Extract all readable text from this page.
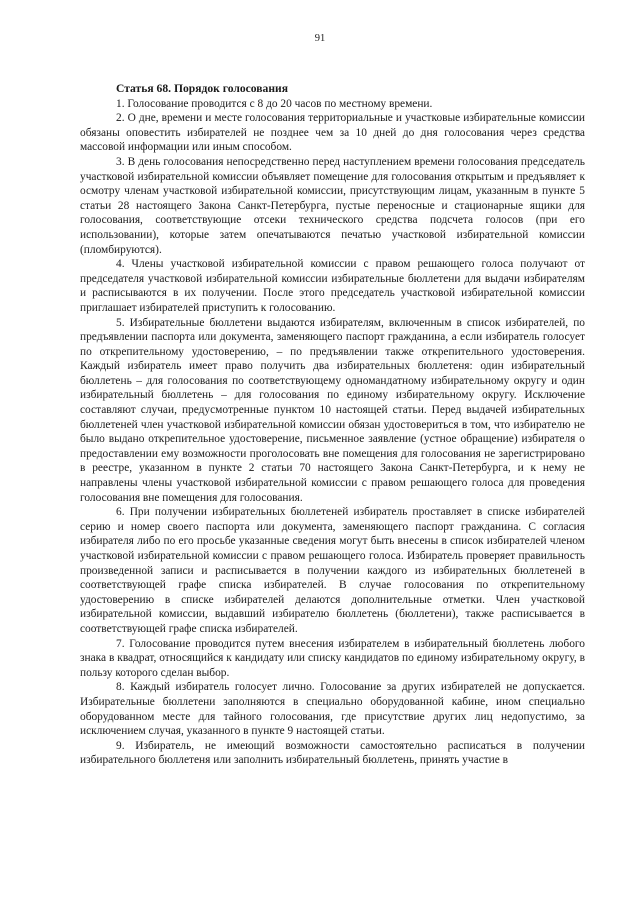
91

Статья 68. Порядок голосования

1. Голосование проводится с 8 до 20 часов по местному времени.

2. О дне, времени и месте голосования территориальные и участковые избирательные комиссии обязаны оповестить избирателей не позднее чем за 10 дней до дня голосования через средства массовой информации или иным способом.

3. В день голосования непосредственно перед наступлением времени голосования председатель участковой избирательной комиссии объявляет помещение для голосования открытым и предъявляет к осмотру членам участковой избирательной комиссии, присутствующим лицам, указанным в пункте 5 статьи 28 настоящего Закона Санкт-Петербурга, пустые переносные и стационарные ящики для голосования, соответствующие отсеки технического средства подсчета голосов (при его использовании), которые затем опечатываются печатью участковой избирательной комиссии (пломбируются).

4. Члены участковой избирательной комиссии с правом решающего голоса получают от председателя участковой избирательной комиссии избирательные бюллетени для выдачи избирателям и расписываются в их получении. После этого председатель участковой избирательной комиссии приглашает избирателей приступить к голосованию.

5. Избирательные бюллетени выдаются избирателям, включенным в список избирателей, по предъявлении паспорта или документа, заменяющего паспорт гражданина, а если избиратель голосует по открепительному удостоверению, – по предъявлении также открепительного удостоверения. Каждый избиратель имеет право получить два избирательных бюллетеня: один избирательный бюллетень – для голосования по соответствующему одномандатному избирательному округу и один избирательный бюллетень – для голосования по единому избирательному округу. Исключение составляют случаи, предусмотренные пунктом 10 настоящей статьи. Перед выдачей избирательных бюллетеней член участковой избирательной комиссии обязан удостовериться в том, что избирателю не было выдано открепительное удостоверение, письменное заявление (устное обращение) избирателя о предоставлении ему возможности проголосовать вне помещения для голосования не зарегистрировано в реестре, указанном в пункте 2 статьи 70 настоящего Закона Санкт-Петербурга, и к нему не направлены члены участковой избирательной комиссии с правом решающего голоса для проведения голосования вне помещения для голосования.

6. При получении избирательных бюллетеней избиратель проставляет в списке избирателей серию и номер своего паспорта или документа, заменяющего паспорт гражданина. С согласия избирателя либо по его просьбе указанные сведения могут быть внесены в список избирателей членом участковой избирательной комиссии с правом решающего голоса. Избиратель проверяет правильность произведенной записи и расписывается в получении каждого из избирательных бюллетеней в соответствующей графе списка избирателей. В случае голосования по открепительному удостоверению в списке избирателей делаются дополнительные отметки. Член участковой избирательной комиссии, выдавший избирателю бюллетень (бюллетени), также расписывается в соответствующей графе списка избирателей.

7. Голосование проводится путем внесения избирателем в избирательный бюллетень любого знака в квадрат, относящийся к кандидату или списку кандидатов по единому избирательному округу, в пользу которого сделан выбор.

8. Каждый избиратель голосует лично. Голосование за других избирателей не допускается. Избирательные бюллетени заполняются в специально оборудованной кабине, ином специально оборудованном месте для тайного голосования, где присутствие других лиц недопустимо, за исключением случая, указанного в пункте 9 настоящей статьи.

9. Избиратель, не имеющий возможности самостоятельно расписаться в получении избирательного бюллетеня или заполнить избирательный бюллетень, принять участие в
